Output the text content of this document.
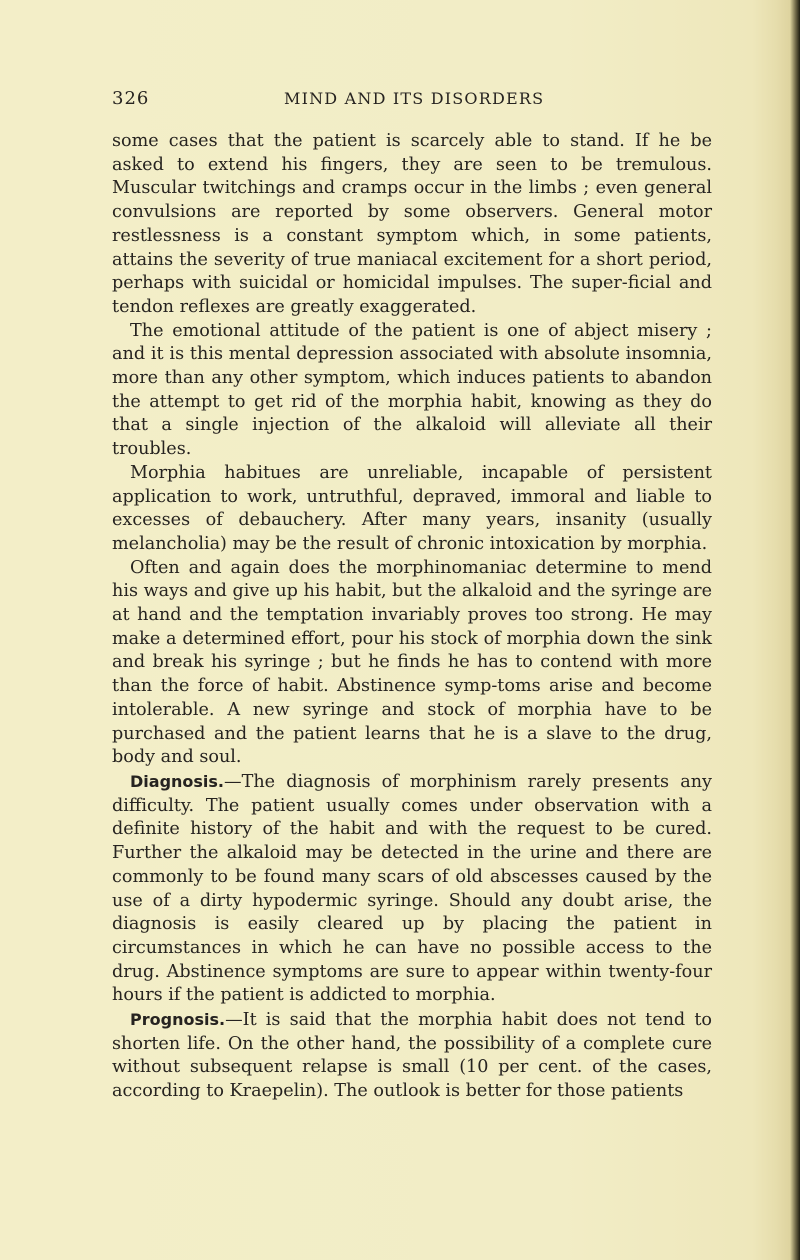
326	MIND AND ITS DISORDERS

some cases that the patient is scarcely able to stand. If he be asked to extend his fingers, they are seen to be tremulous. Muscular twitchings and cramps occur in the limbs ; even general convulsions are reported by some observers. General motor restlessness is a constant symptom which, in some patients, attains the severity of true maniacal excitement for a short period, perhaps with suicidal or homicidal impulses. The super-ficial and tendon reflexes are greatly exaggerated.

The emotional attitude of the patient is one of abject misery ; and it is this mental depression associated with absolute insomnia, more than any other symptom, which induces patients to abandon the attempt to get rid of the morphia habit, knowing as they do that a single injection of the alkaloid will alleviate all their troubles.

Morphia habitues are unreliable, incapable of persistent application to work, untruthful, depraved, immoral and liable to excesses of debauchery. After many years, insanity (usually melancholia) may be the result of chronic intoxication by morphia.

Often and again does the morphinomaniac determine to mend his ways and give up his habit, but the alkaloid and the syringe are at hand and the temptation invariably proves too strong. He may make a determined effort, pour his stock of morphia down the sink and break his syringe ; but he finds he has to contend with more than the force of habit. Abstinence symp-toms arise and become intolerable. A new syringe and stock of morphia have to be purchased and the patient learns that he is a slave to the drug, body and soul.

Diagnosis.—The diagnosis of morphinism rarely presents any difficulty. The patient usually comes under observation with a definite history of the habit and with the request to be cured. Further the alkaloid may be detected in the urine and there are commonly to be found many scars of old abscesses caused by the use of a dirty hypodermic syringe. Should any doubt arise, the diagnosis is easily cleared up by placing the patient in circumstances in which he can have no possible access to the drug. Abstinence symptoms are sure to appear within twenty-four hours if the patient is addicted to morphia.

Prognosis.—It is said that the morphia habit does not tend to shorten life. On the other hand, the possibility of a complete cure without subsequent relapse is small (10 per cent. of the cases, according to Kraepelin). The outlook is better for those patients
